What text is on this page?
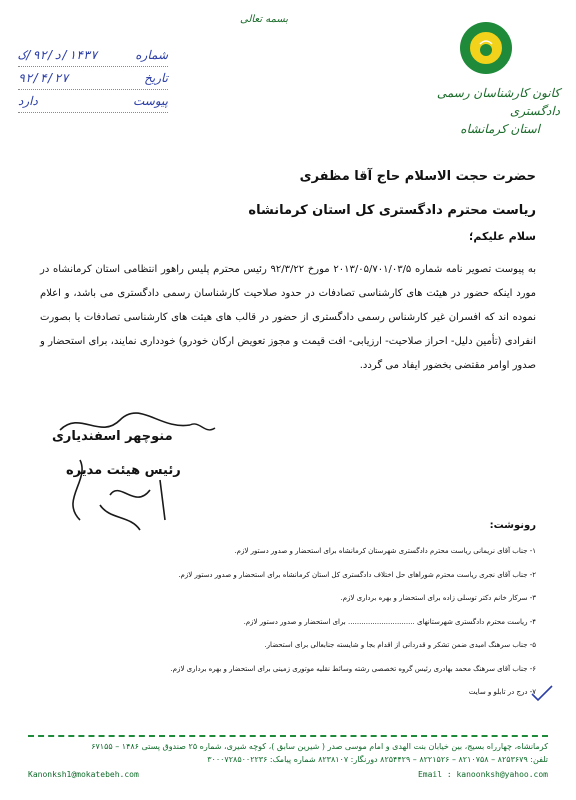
بسمه تعالی
کانون کارشناسان رسمی دادگستری
استان کرمانشاه
شماره
۱۴۳۷/د/۹۲/ک
تاریخ
۹۲/۴/۲۷
پیوست
دارد
حضرت حجت الاسلام حاج آقا مظفری
ریاست محترم دادگستری کل استان کرمانشاه
سلام علیکم؛
به پیوست تصویر نامه شماره ۲۰۱۳/۰۵/۷۰۱/۰۳/۵ مورخ ۹۲/۳/۲۲ رئیس محترم پلیس راهور انتظامی استان کرمانشاه در مورد اینکه حضور در هیئت های کارشناسی تصادفات در حدود صلاحیت کارشناسان رسمی دادگستری می باشد، و اعلام نموده اند که افسران غیر کارشناس رسمی دادگستری از حضور در قالب های هیئت های کارشناسی تصادفات یا بصورت انفرادی (تأمین دلیل- احراز صلاحیت- ارزیابی- افت قیمت و مجوز تعویض ارکان خودرو) خودداری نمایند، برای استحضار و صدور اوامر مقتضی بخضور ایفاد می گردد.
منوچهر اسفندیاری
رئیس هیئت مدیره
رونوشت:
۱- جناب آقای نریمانی ریاست محترم دادگستری شهرستان کرمانشاه برای استحضار و صدور دستور لازم.
۲- جناب آقای نجری ریاست محترم شوراهای حل اختلاف دادگستری کل استان کرمانشاه برای استحضار و صدور دستور لازم.
۳- سرکار خانم دکتر توسلی زاده برای استحضار و بهره برداری لازم.
۴- ریاست محترم دادگستری شهرستانهای .............................. برای استحضار و صدور دستور لازم.
۵- جناب سرهنگ امیدی ضمن تشکر و قدردانی از اقدام بجا و شایسته جنابعالی برای استحضار.
۶- جناب آقای سرهنگ محمد بهادری رئیس گروه تخصصی رشته وسائط نقلیه موتوری زمینی برای استحضار و بهره برداری لازم.
۷- درج در تابلو و سایت
کرمانشاه، چهارراه بسیج، بین خیابان بنت الهدی و امام موسی صدر ( شیرین سابق )، کوچه شیری، شماره ۲۵ صندوق پستی ۱۴۸۶ – ۶۷۱۵۵
تلفن: ۸۲۵۳۶۷۹ – ۸۲۱۰۷۵۸ – ۸۲۲۱۵۲۶ – ۸۲۵۴۴۲۹ دورنگار: ۸۲۳۸۱۰۷ شماره پیامک: ۳۰۰۰۷۲۸۵۰۰۲۲۳۶
Kanonksh1@mokatebeh.com	Email : kanoonksh@yahoo.com
